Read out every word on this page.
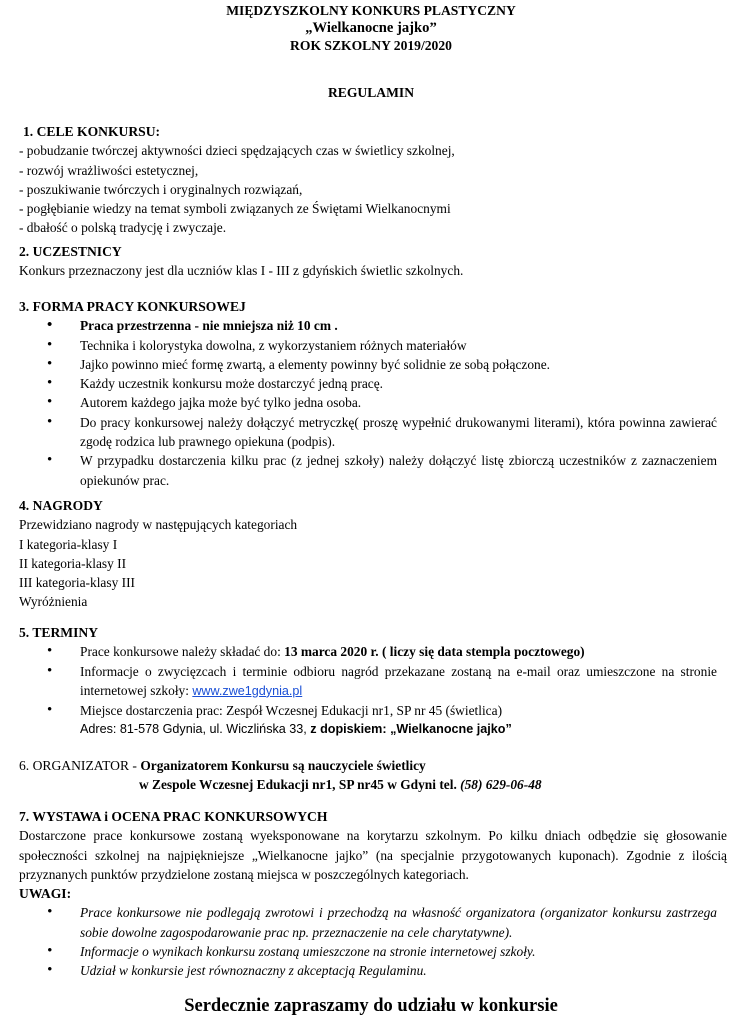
MIĘDZYSZKOLNY KONKURS PLASTYCZNY
„Wielkanocne jajko”
ROK SZKOLNY 2019/2020
REGULAMIN
1. CELE KONKURSU:
- pobudzanie twórczej aktywności dzieci spędzających czas w świetlicy szkolnej,
- rozwój wrażliwości estetycznej,
- poszukiwanie twórczych i oryginalnych rozwiązań,
- pogłębianie wiedzy na temat symboli związanych ze Świętami Wielkanocnymi
- dbałość o polską tradycję i zwyczaje.
2. UCZESTNICY
Konkurs przeznaczony jest dla uczniów klas I - III z gdyńskich świetlic szkolnych.
3. FORMA PRACY KONKURSOWEJ
• Praca przestrzenna - nie mniejsza niż 10 cm .
• Technika i kolorystyka dowolna, z wykorzystaniem różnych materiałów
• Jajko powinno mieć formę zwartą, a elementy powinny być solidnie ze sobą połączone.
• Każdy uczestnik konkursu może dostarczyć jedną pracę.
• Autorem każdego jajka może być tylko jedna osoba.
• Do pracy konkursowej należy dołączyć metryczkę( proszę wypełnić drukowanymi literami), która powinna zawierać zgodę rodzica lub prawnego opiekuna (podpis).
• W przypadku dostarczenia kilku prac (z jednej szkoły) należy dołączyć listę zbiorczą uczestników z zaznaczeniem opiekunów prac.
4. NAGRODY
Przewidziano nagrody w następujących kategoriach
I kategoria-klasy I
II kategoria-klasy II
III kategoria-klasy III
Wyróżnienia
5. TERMINY
• Prace konkursowe należy składać do: 13 marca 2020 r. ( liczy się data stempla pocztowego)
• Informacje o zwycięzcach i terminie odbioru nagród przekazane zostaną na e-mail oraz umieszczone na stronie internetowej szkoły: www.zwe1gdynia.pl
• Miejsce dostarczenia prac: Zespół Wczesnej Edukacji nr1, SP nr 45 (świetlica)
Adres: 81-578 Gdynia, ul. Wiczlińska 33, z dopiskiem: „Wielkanocne jajko”
6. ORGANIZATOR - Organizatorem Konkursu są nauczyciele świetlicy
w Zespole Wczesnej Edukacji nr1, SP nr45 w Gdyni tel. (58) 629-06-48
7. WYSTAWA i OCENA PRAC KONKURSOWYCH
Dostarczone prace konkursowe zostaną wyeksponowane na korytarzu szkolnym. Po kilku dniach odbędzie się głosowanie społeczności szkolnej na najpiękniejsze „Wielkanocne jajko” (na specjalnie przygotowanych kuponach). Zgodnie z ilością przyznanych punktów przydzielone zostaną miejsca w poszczególnych kategoriach.
UWAGI:
• Prace konkursowe nie podlegają zwrotowi i przechodzą na własność organizatora (organizator konkursu zastrzega sobie dowolne zagospodarowanie prac np. przeznaczenie na cele charytatywne).
• Informacje o wynikach konkursu zostaną umieszczone na stronie internetowej szkoły.
• Udział w konkursie jest równoznaczny z akceptacją Regulaminu.
Serdecznie zapraszamy do udziału w konkursie
